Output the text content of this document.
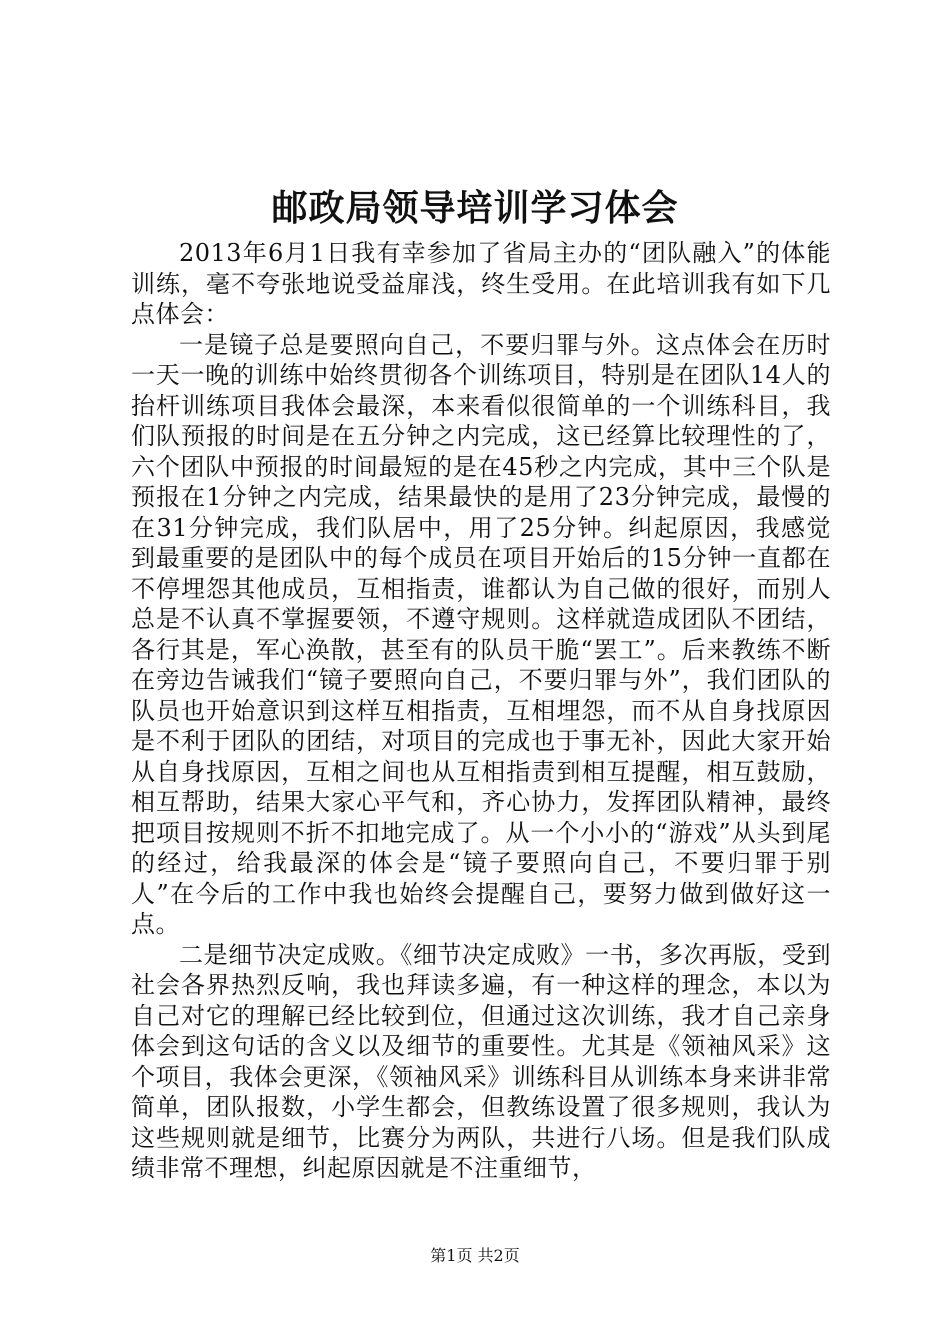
邮政局领导培训学习体会

2013年6月1日我有幸参加了省局主办的“团队融入”的体能训练，毫不夸张地说受益扉浅，终生受用。在此培训我有如下几点体会：

一是镜子总是要照向自己，不要归罪与外。这点体会在历时一天一晚的训练中始终贯彻各个训练项目，特别是在团队14人的抬杆训练项目我体会最深，本来看似很简单的一个训练科目，我们队预报的时间是在五分钟之内完成，这已经算比较理性的了，六个团队中预报的时间最短的是在45秒之内完成，其中三个队是预报在1分钟之内完成，结果最快的是用了23分钟完成，最慢的在31分钟完成，我们队居中，用了25分钟。纠起原因，我感觉到最重要的是团队中的每个成员在项目开始后的15分钟一直都在不停埋怨其他成员，互相指责，谁都认为自己做的很好，而别人总是不认真不掌握要领，不遵守规则。这样就造成团队不团结，各行其是，军心涣散，甚至有的队员干脆“罢工”。后来教练不断在旁边告诫我们“镜子要照向自己，不要归罪与外”，我们团队的队员也开始意识到这样互相指责，互相埋怨，而不从自身找原因是不利于团队的团结，对项目的完成也于事无补，因此大家开始从自身找原因，互相之间也从互相指责到相互提醒，相互鼓励，相互帮助，结果大家心平气和，齐心协力，发挥团队精神，最终把项目按规则不折不扣地完成了。从一个小小的“游戏”从头到尾的经过，给我最深的体会是“镜子要照向自己，不要归罪于别人”在今后的工作中我也始终会提醒自己，要努力做到做好这一点。

二是细节决定成败。《细节决定成败》一书，多次再版，受到社会各界热烈反响，我也拜读多遍，有一种这样的理念，本以为自己对它的理解已经比较到位，但通过这次训练，我才自己亲身体会到这句话的含义以及细节的重要性。尤其是《领袖风采》这个项目，我体会更深，《领袖风采》训练科目从训练本身来讲非常简单，团队报数，小学生都会，但教练设置了很多规则，我认为这些规则就是细节，比赛分为两队，共进行八场。但是我们队成绩非常不理想，纠起原因就是不注重细节，

第1页 共2页
